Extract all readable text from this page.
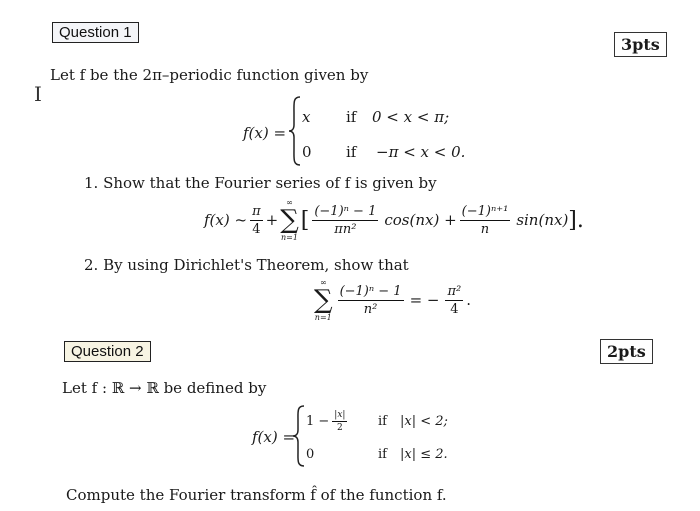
Question 1
3pts
Let f be the 2π–periodic function given by
I
f(x) =
x if 0 < x < π;
0 if −π < x < 0.
1. Show that the Fourier series of f is given by
f(x) ~ $\frac{\pi}{4}$ +
∞
∑
n=1
[ $\frac{\text{(−1)ⁿ − 1}}{\text{πn²}} \cos(nx) + \frac{\text{(−1)ⁿ⁺¹}}{n} \sin(nx)$ ].
2. By using Dirichlet's Theorem, show that
∞
∑
n=1
$\frac{\text{(−1)ⁿ − 1}}{\text{n²}}$ = − $\frac{\text{π²}}{4}$ .
Question 2	2pts
Let f : ℝ → ℝ be defined by
f(x) =
$1 - \frac{|x|}{2}$ if |x| < 2;
0	if |x| ≤ 2.
Compute the Fourier transform f̂ of the function f.
